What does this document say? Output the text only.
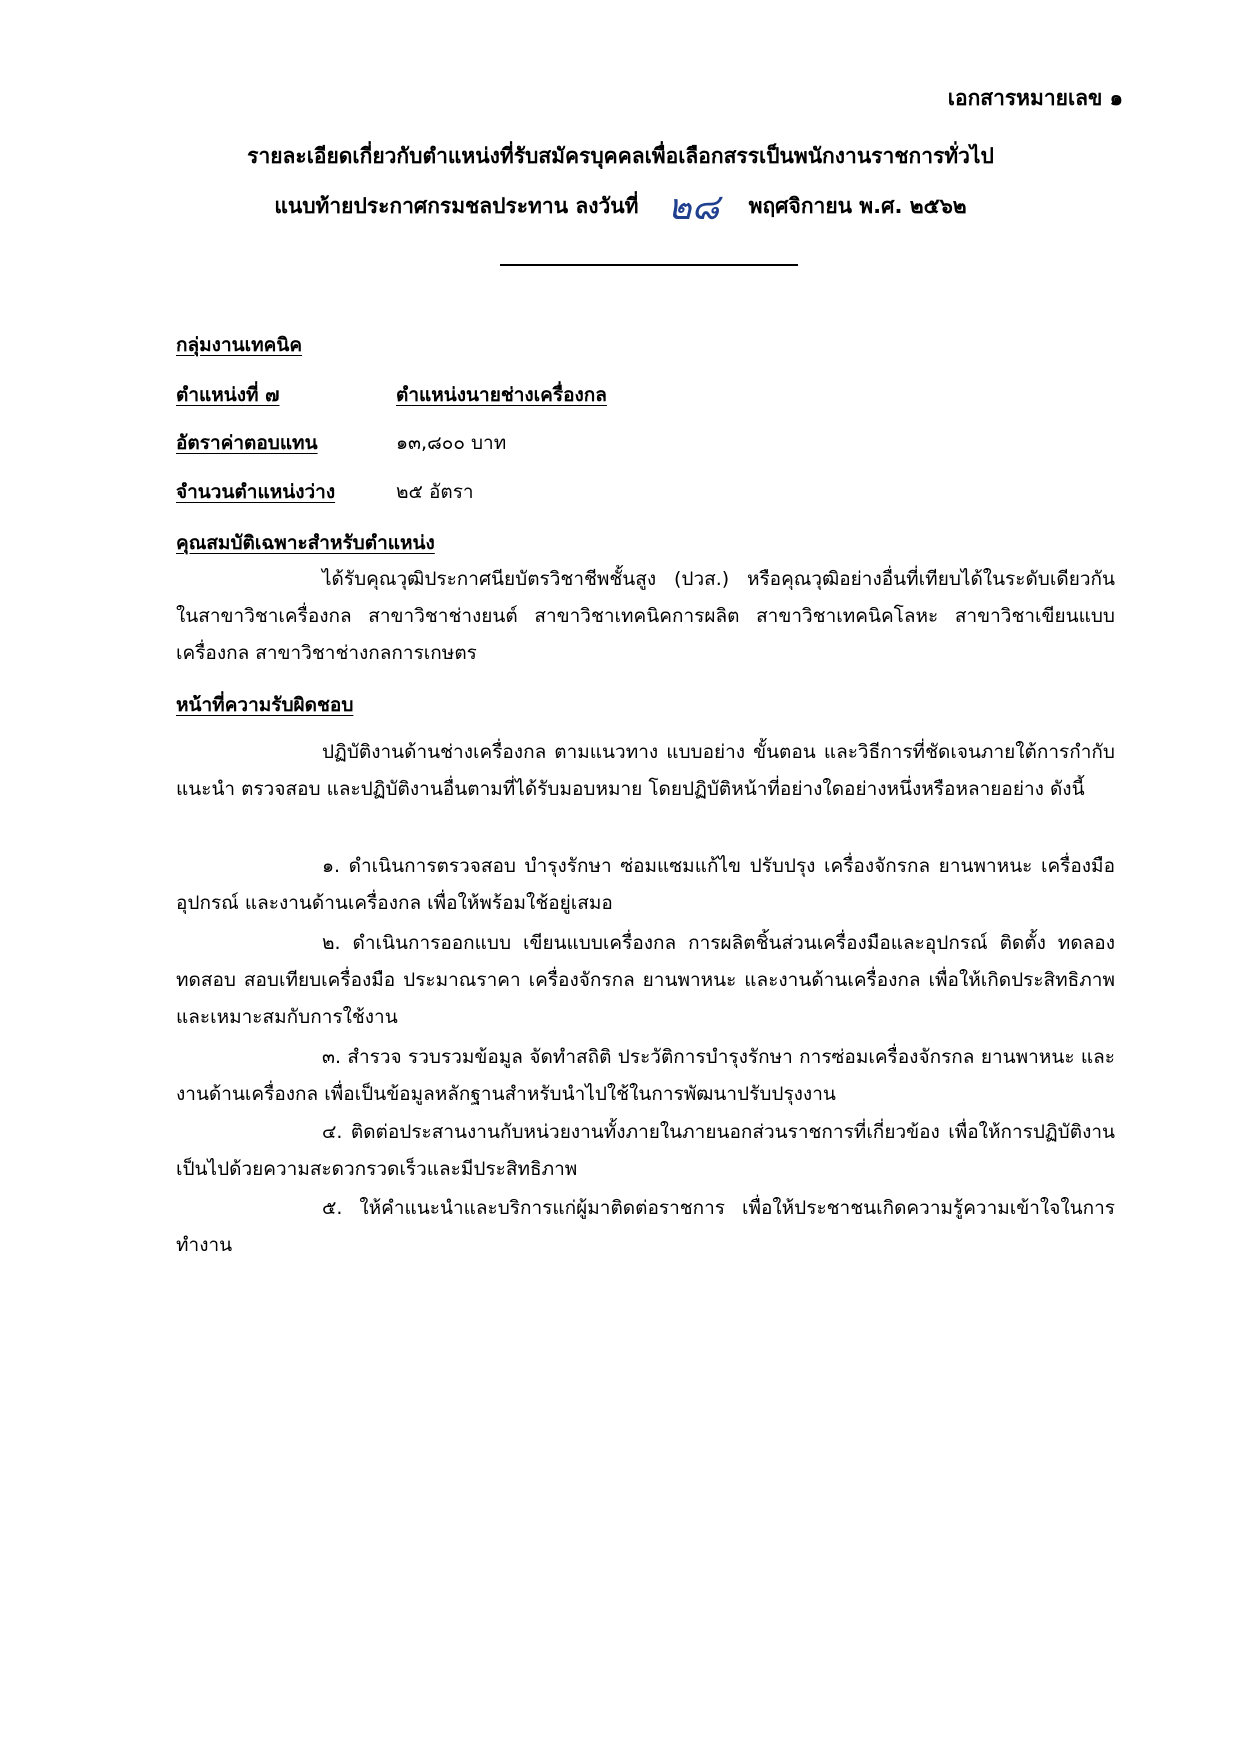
เอกสารหมายเลข ๑
รายละเอียดเกี่ยวกับตำแหน่งที่รับสมัครบุคคลเพื่อเลือกสรรเป็นพนักงานราชการทั่วไป
แนบท้ายประกาศกรมชลประทาน ลงวันที่ ๒๘ พฤศจิกายน พ.ศ. ๒๕๖๒
กลุ่มงานเทคนิค
ตำแหน่งที่ ๗	ตำแหน่งนายช่างเครื่องกล
อัตราค่าตอบแทน	๑๓,๘๐๐ บาท
จำนวนตำแหน่งว่าง	๒๕ อัตรา
คุณสมบัติเฉพาะสำหรับตำแหน่ง
ได้รับคุณวุฒิประกาศนียบัตรวิชาชีพชั้นสูง (ปวส.) หรือคุณวุฒิอย่างอื่นที่เทียบได้ในระดับเดียวกัน ในสาขาวิชาเครื่องกล สาขาวิชาช่างยนต์ สาขาวิชาเทคนิคการผลิต สาขาวิชาเทคนิคโลหะ สาขาวิชาเขียนแบบเครื่องกล สาขาวิชาช่างกลการเกษตร
หน้าที่ความรับผิดชอบ
ปฏิบัติงานด้านช่างเครื่องกล ตามแนวทาง แบบอย่าง ขั้นตอน และวิธีการที่ชัดเจนภายใต้การกำกับ แนะนำ ตรวจสอบ และปฏิบัติงานอื่นตามที่ได้รับมอบหมาย โดยปฏิบัติหน้าที่อย่างใดอย่างหนึ่งหรือหลายอย่าง ดังนี้
๑. ดำเนินการตรวจสอบ บำรุงรักษา ซ่อมแซมแก้ไข ปรับปรุง เครื่องจักรกล ยานพาหนะ เครื่องมือ อุปกรณ์ และงานด้านเครื่องกล เพื่อให้พร้อมใช้อยู่เสมอ
๒. ดำเนินการออกแบบ เขียนแบบเครื่องกล การผลิตชิ้นส่วนเครื่องมือและอุปกรณ์ ติดตั้ง ทดลอง ทดสอบ สอบเทียบเครื่องมือ ประมาณราคา เครื่องจักรกล ยานพาหนะ และงานด้านเครื่องกล เพื่อให้เกิดประสิทธิภาพและเหมาะสมกับการใช้งาน
๓. สำรวจ รวบรวมข้อมูล จัดทำสถิติ ประวัติการบำรุงรักษา การซ่อมเครื่องจักรกล ยานพาหนะ และงานด้านเครื่องกล เพื่อเป็นข้อมูลหลักฐานสำหรับนำไปใช้ในการพัฒนาปรับปรุงงาน
๔. ติดต่อประสานงานกับหน่วยงานทั้งภายในภายนอกส่วนราชการที่เกี่ยวข้อง เพื่อให้การปฏิบัติงานเป็นไปด้วยความสะดวกรวดเร็วและมีประสิทธิภาพ
๕. ให้คำแนะนำและบริการแก่ผู้มาติดต่อราชการ เพื่อให้ประชาชนเกิดความรู้ความเข้าใจในการทำงาน
